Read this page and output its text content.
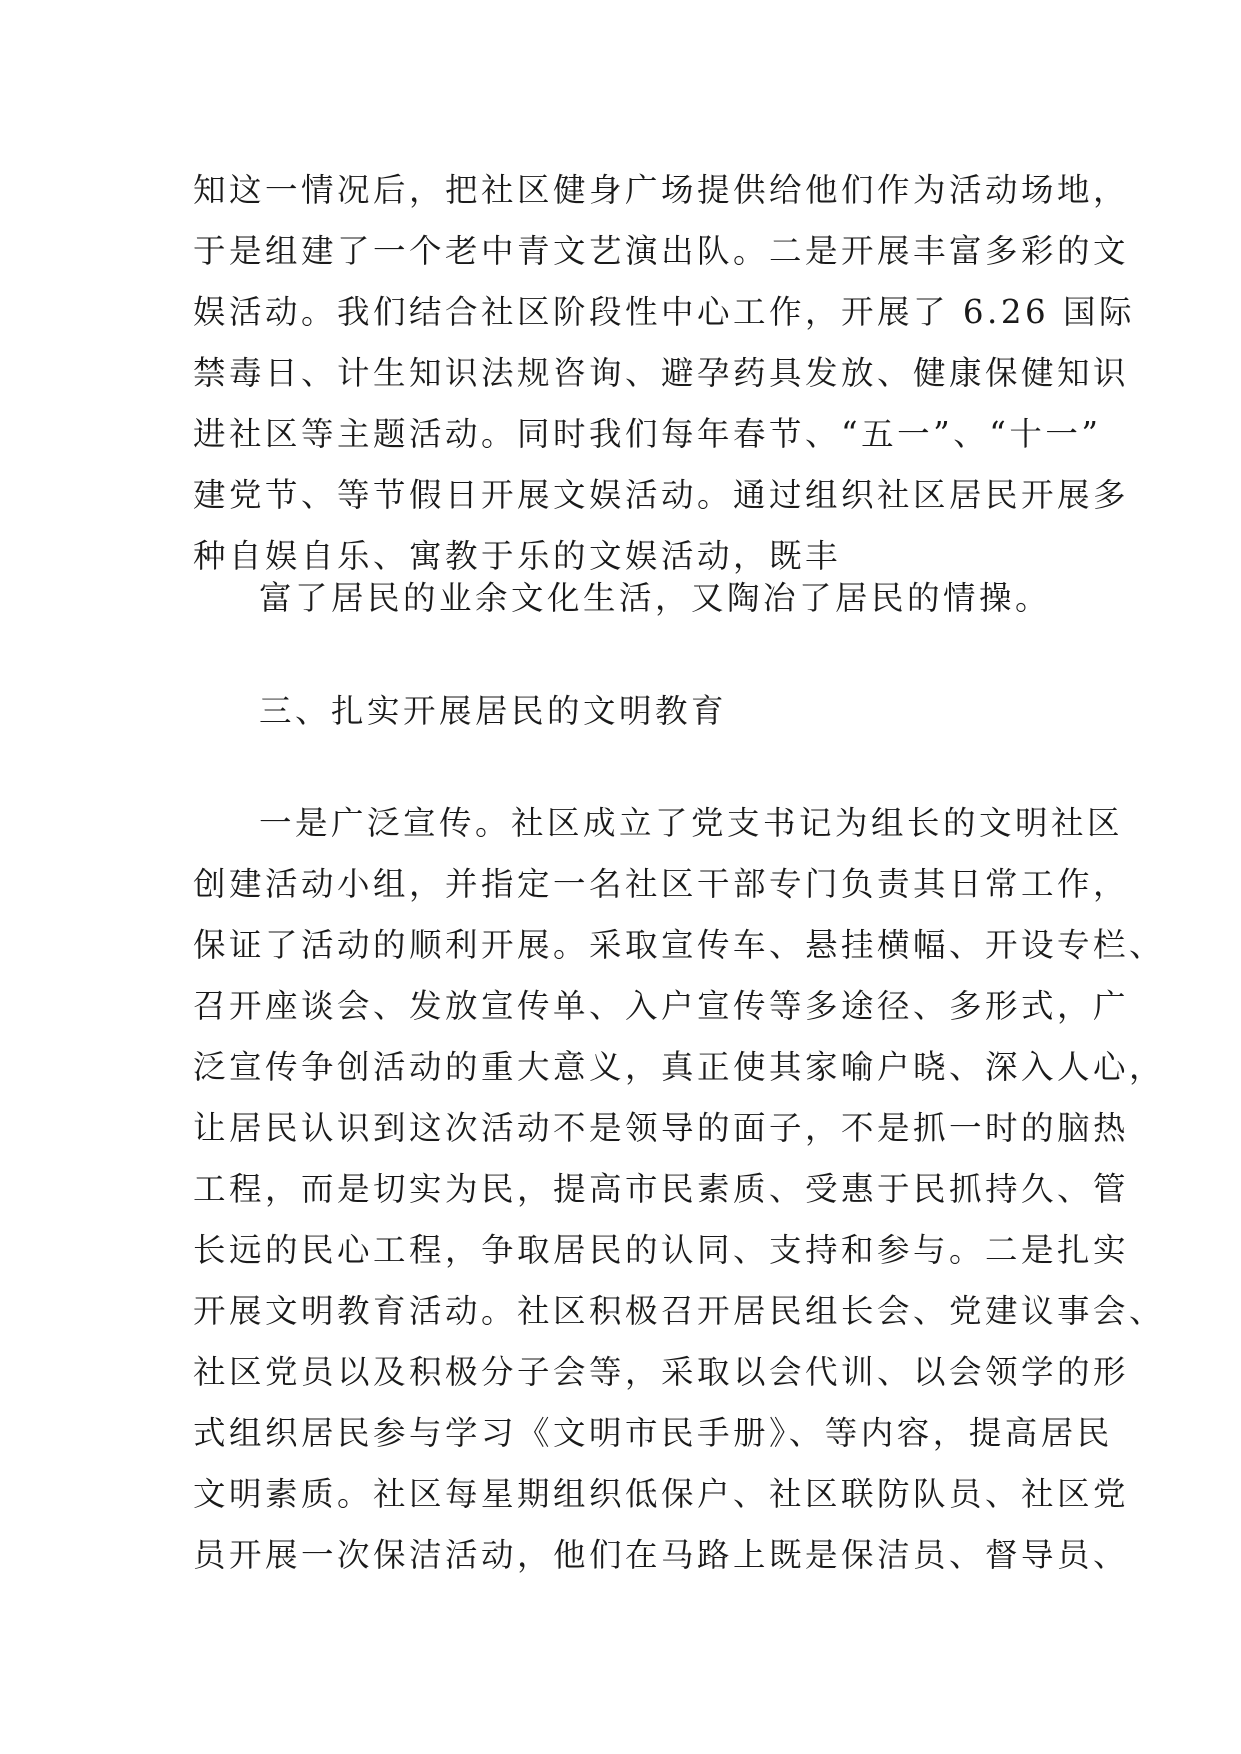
知这一情况后，把社区健身广场提供给他们作为活动场地，
于是组建了一个老中青文艺演出队。二是开展丰富多彩的文
娱活动。我们结合社区阶段性中心工作，开展了 6.26 国际
禁毒日、计生知识法规咨询、避孕药具发放、健康保健知识
进社区等主题活动。同时我们每年春节、“五一”、“十一”
建党节、等节假日开展文娱活动。通过组织社区居民开展多
种自娱自乐、寓教于乐的文娱活动，既丰
富了居民的业余文化生活，又陶冶了居民的情操。
三、扎实开展居民的文明教育
一是广泛宣传。社区成立了党支书记为组长的文明社区
创建活动小组，并指定一名社区干部专门负责其日常工作，
保证了活动的顺利开展。采取宣传车、悬挂横幅、开设专栏、
召开座谈会、发放宣传单、入户宣传等多途径、多形式，广
泛宣传争创活动的重大意义，真正使其家喻户晓、深入人心，
让居民认识到这次活动不是领导的面子，不是抓一时的脑热
工程，而是切实为民，提高市民素质、受惠于民抓持久、管
长远的民心工程，争取居民的认同、支持和参与。二是扎实
开展文明教育活动。社区积极召开居民组长会、党建议事会、
社区党员以及积极分子会等，采取以会代训、以会领学的形
式组织居民参与学习《文明市民手册》、等内容，提高居民
文明素质。社区每星期组织低保户、社区联防队员、社区党
员开展一次保洁活动，他们在马路上既是保洁员、督导员、
